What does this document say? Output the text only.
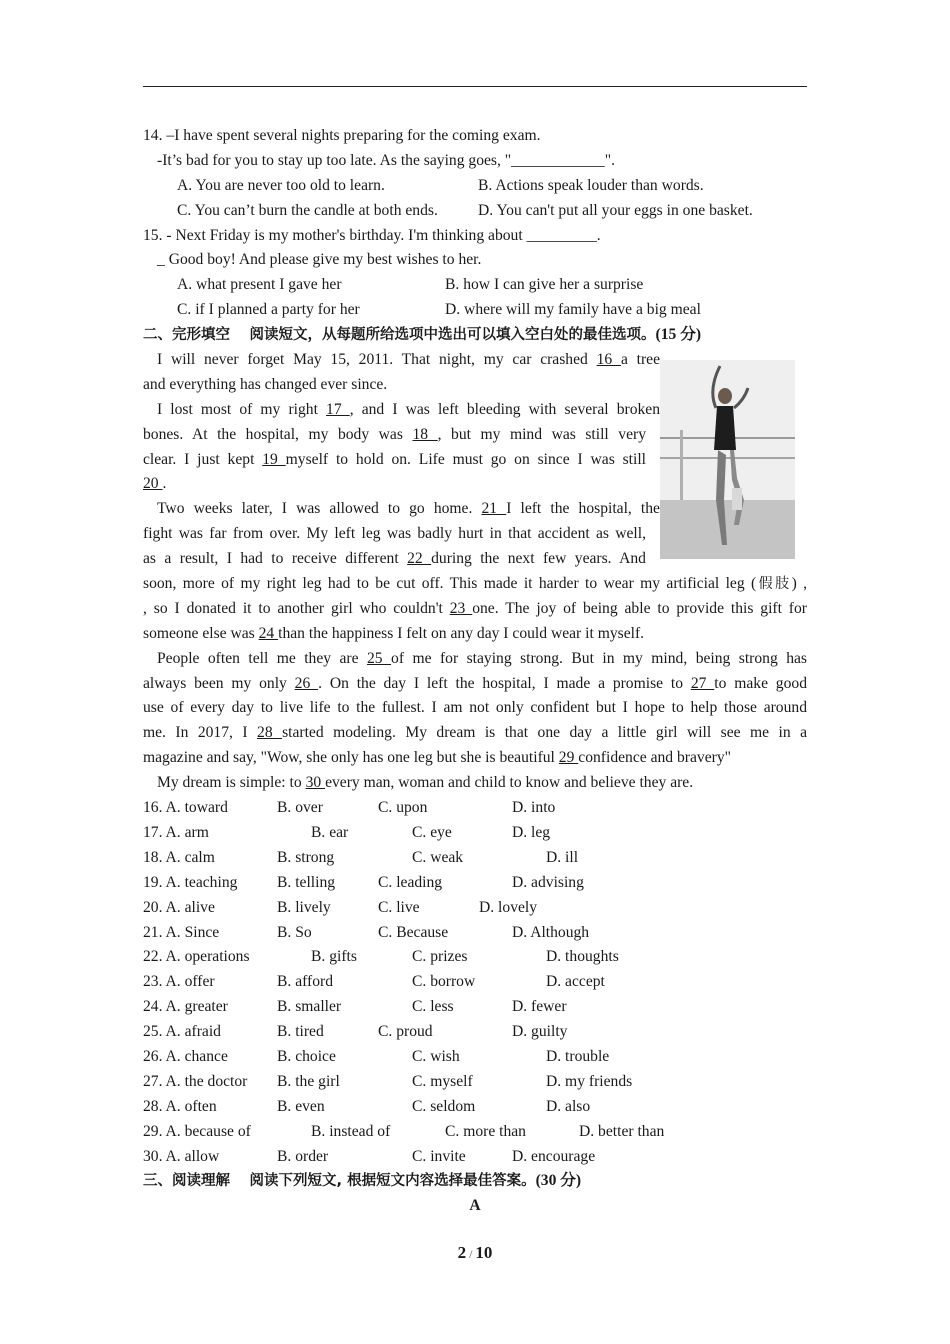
14. –I have spent several nights preparing for the coming exam.
-It’s bad for you to stay up too late. As the saying goes, "____________".
A. You are never too old to learn.	B. Actions speak louder than words.
C. You can’t burn the candle at both ends.	D. You can't put all your eggs in one basket.
15. - Next Friday is my mother's birthday. I'm thinking about _________.
_ Good boy! And please give my best wishes to her.
A. what present I gave her	B. how I can give her a surprise
C. if I planned a party for her	D. where will my family have a big meal
二、完形填空　 阅读短文，从每题所给选项中选出可以填入空白处的最佳选项。(15 分)
I will never forget May 15, 2011. That night, my car crashed 16 a tree
and everything has changed ever since.
I lost most of my right 17 , and I was left bleeding with several broken
bones. At the hospital, my body was 18 , but my mind was still very
clear. I just kept 19 myself to hold on. Life must go on since I was still
20 .
Two weeks later, I was allowed to go home. 21 I left the hospital, the
fight was far from over. My left leg was badly hurt in that accident as well,
as a result, I had to receive different 22 during the next few years. And
soon, more of my right leg had to be cut off. This made it harder to wear my artificial leg (假肢) ,
, so I donated it to another girl who couldn't 23 one. The joy of being able to provide this gift for
someone else was 24 than the happiness I felt on any day I could wear it myself.
People often tell me they are 25 of me for staying strong. But in my mind, being strong has
always been my only 26 . On the day I left the hospital, I made a promise to 27 to make good
use of every day to live life to the fullest. I am not only confident but I hope to help those around
me. In 2017, I 28 started modeling. My dream is that one day a little girl will see me in a
magazine and say, "Wow, she only has one leg but she is beautiful 29 confidence and bravery"
My dream is simple: to 30 every man, woman and child to know and believe they are.
16. A. toward	B. over	C. upon	D. into
17. A. arm	B. ear	C. eye	D. leg
18. A. calm	B. strong	C. weak	D. ill
19. A. teaching	B. telling	C. leading	D. advising
20. A. alive	B. lively	C. live	D. lovely
21. A. Since	B. So	C. Because	D. Although
22. A. operations	B. gifts	C. prizes	D. thoughts
23. A. offer	B. afford	C. borrow	D. accept
24. A. greater	B. smaller	C. less	D. fewer
25. A. afraid	B. tired	C. proud	D. guilty
26. A. chance	B. choice	C. wish	D. trouble
27. A. the doctor B. the girl	C. myself	D. my friends
28. A. often	B. even	C. seldom	D. also
29. A. because of	B. instead of	C. more than	D. better than
30. A. allow	B. order	C. invite	D. encourage
三、阅读理解　 阅读下列短文, 根据短文内容选择最佳答案。(30 分)
A
2 / 10
